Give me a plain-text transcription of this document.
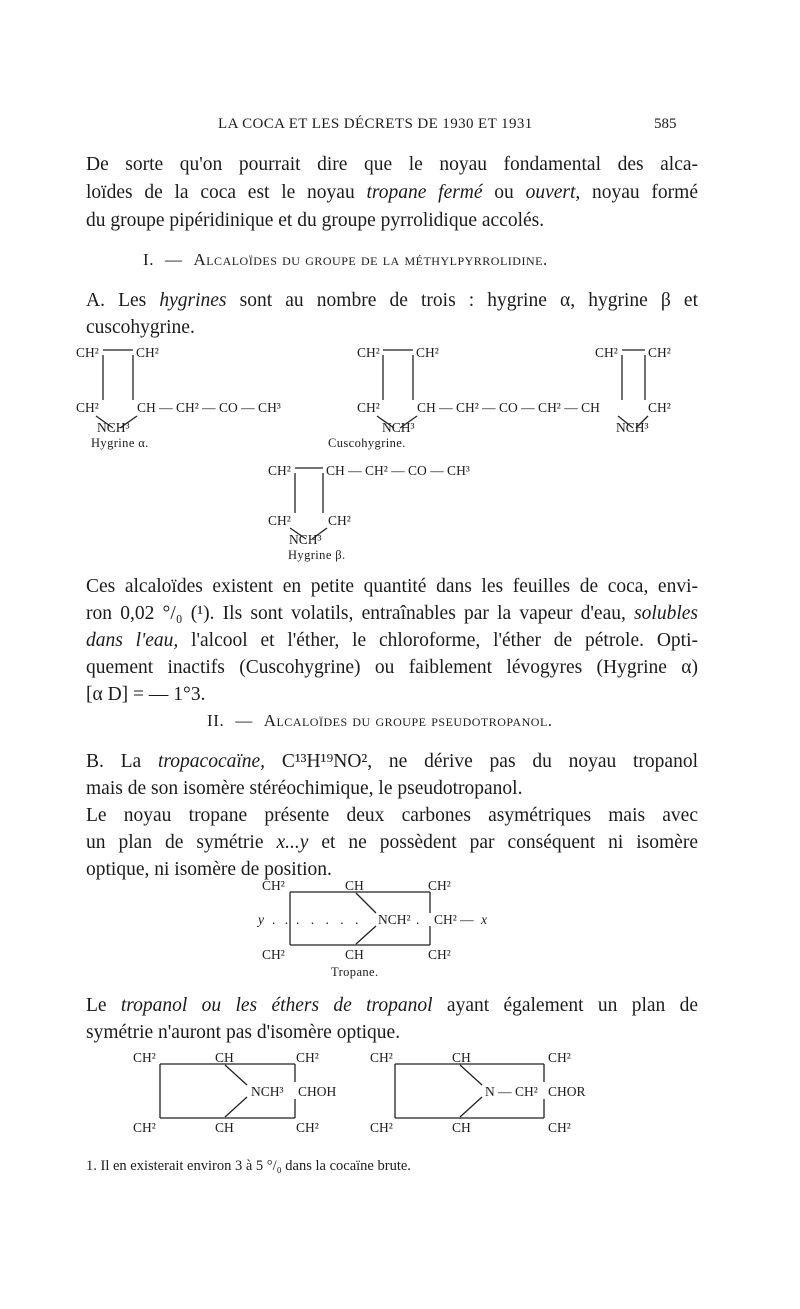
LA COCA ET LES DÉCRETS DE 1930 ET 1931	585
De sorte qu'on pourrait dire que le noyau fondamental des alca-
loïdes de la coca est le noyau tropane fermé ou ouvert, noyau formé
du groupe pipéridinique et du groupe pyrrolidique accolés.
I. — Alcaloïdes du groupe de la méthylpyrrolidine.
A. Les hygrines sont au nombre de trois : hygrine α, hygrine β et
cuscohygrine.
CH²	CH²
CH²	CH — CH² — CO — CH³
NCH³
Hygrine α.
CH²	CH²
CH²	CH — CH² — CO — CH² — CH
NCH³
Cuscohygrine.
CH² CH²
CH²
NCH³
CH²	CH — CH² — CO — CH³
CH²	CH²
NCH³
Hygrine β.
Ces alcaloïdes existent en petite quantité dans les feuilles de coca, envi-
ron 0,02 °/₀ (¹). Ils sont volatils, entraînables par la vapeur d'eau, solubles
dans l'eau, l'alcool et l'éther, le chloroforme, l'éther de pétrole. Opti-
quement inactifs (Cuscohygrine) ou faiblement lévogyres (Hygrine α)
[α D] = — 1°3.
II. — Alcaloïdes du groupe pseudotropanol.
B. La tropacocaïne, C¹³H¹⁹NO², ne dérive pas du noyau tropanol
mais de son isomère stéréochimique, le pseudotropanol.
Le noyau tropane présente deux carbones asymétriques mais avec
un plan de symétrie x...y et ne possèdent par conséquent ni isomère
optique, ni isomère de position.
CH²	CH	CH²
y . . . . . . . NCH² . CH² — x
CH²	CH	CH²
Tropane.
Le tropanol ou les éthers de tropanol ayant également un plan de
symétrie n'auront pas d'isomère optique.
CH²	CH	CH²
NCH³ CHOH
CH²	CH	CH²
CH²	CH	CH²
N — CH² CHOR
CH²	CH	CH²
1. Il en existerait environ 3 à 5 °/₀ dans la cocaïne brute.
